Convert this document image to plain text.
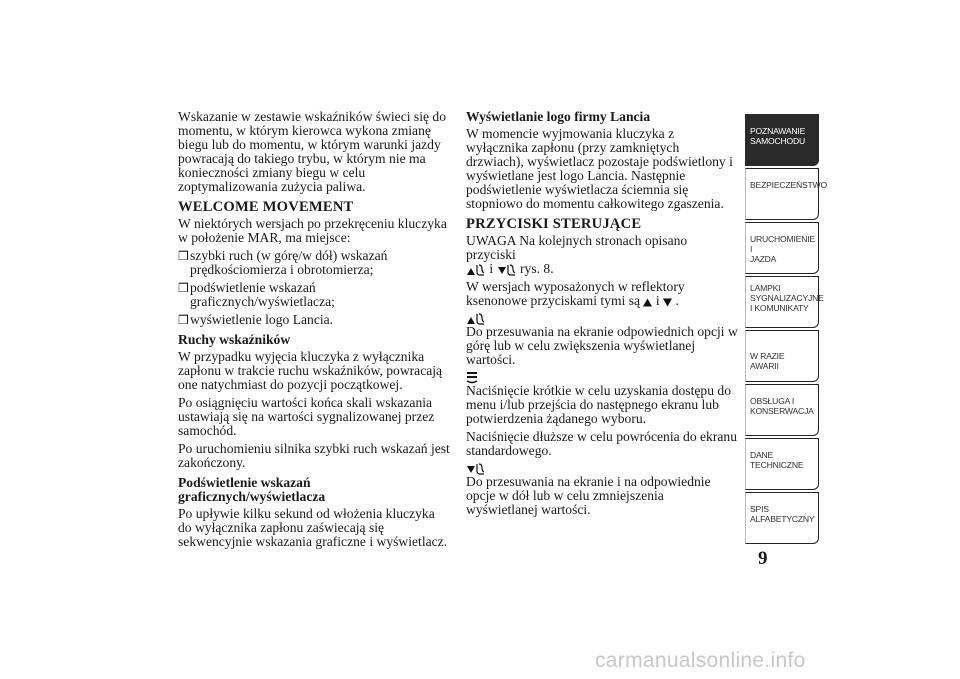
Wskazanie w zestawie wskaźników świeci się do momentu, w którym kierowca wykona zmianę biegu lub do momentu, w którym warunki jazdy powracają do takiego trybu, w którym nie ma konieczności zmiany biegu w celu zoptymalizowania zużycia paliwa.

WELCOME MOVEMENT

W niektórych wersjach po przekręceniu kluczyka w położenie MAR, ma miejsce:

❒ szybki ruch (w górę/w dół) wskazań prędkościomierza i obrotomierza;
❒ podświetlenie wskazań graficznych/wyświetlacza;
❒ wyświetlenie logo Lancia.
Ruchy wskaźników

W przypadku wyjęcia kluczyka z wyłącznika zapłonu w trakcie ruchu wskaźników, powracają one natychmiast do pozycji początkowej.

Po osiągnięciu wartości końca skali wskazania ustawiają się na wartości sygnalizowanej przez samochód.

Po uruchomieniu silnika szybki ruch wskazań jest zakończony.

Podświetlenie wskazań graficznych/wyświetlacza

Po upływie kilku sekund od włożenia kluczyka do wyłącznika zapłonu zaświecają się sekwencyjnie wskazania graficzne i wyświetlacz.

Wyświetlanie logo firmy Lancia

W momencie wyjmowania kluczyka z wyłącznika zapłonu (przy zamkniętych drzwiach), wyświetlacz pozostaje podświetlony i wyświetlane jest logo Lancia. Następnie podświetlenie wyświetlacza ściemnia się stopniowo do momentu całkowitego zgaszenia.

PRZYCISKI STERUJĄCE

UWAGA Na kolejnych stronach opisano przyciski
i rys. 8.

W wersjach wyposażonych w reflektory ksenonowe przyciskami tymi są i .

Do przesuwania na ekranie odpowiednich opcji w górę lub w celu zwiększenia wyświetlanej wartości.

Naciśnięcie krótkie w celu uzyskania dostępu do menu i/lub przejścia do następnego ekranu lub potwierdzenia żądanego wyboru.

Naciśnięcie dłuższe w celu powrócenia do ekranu standardowego.

Do przesuwania na ekranie i na odpowiednie opcje w dół lub w celu zmniejszenia wyświetlanej wartości.

POZNAWANIE
SAMOCHODU
BEZPIECZEŃSTWO
URUCHOMIENIE I
JAZDA
LAMPKI
SYGNALIZACYJNE
I KOMUNIKATY
W RAZIE AWARII
OBSŁUGA I
KONSERWACJA
DANE
TECHNICZNE
SPIS
ALFABETYCZNY
9
carmanualsonline.info
